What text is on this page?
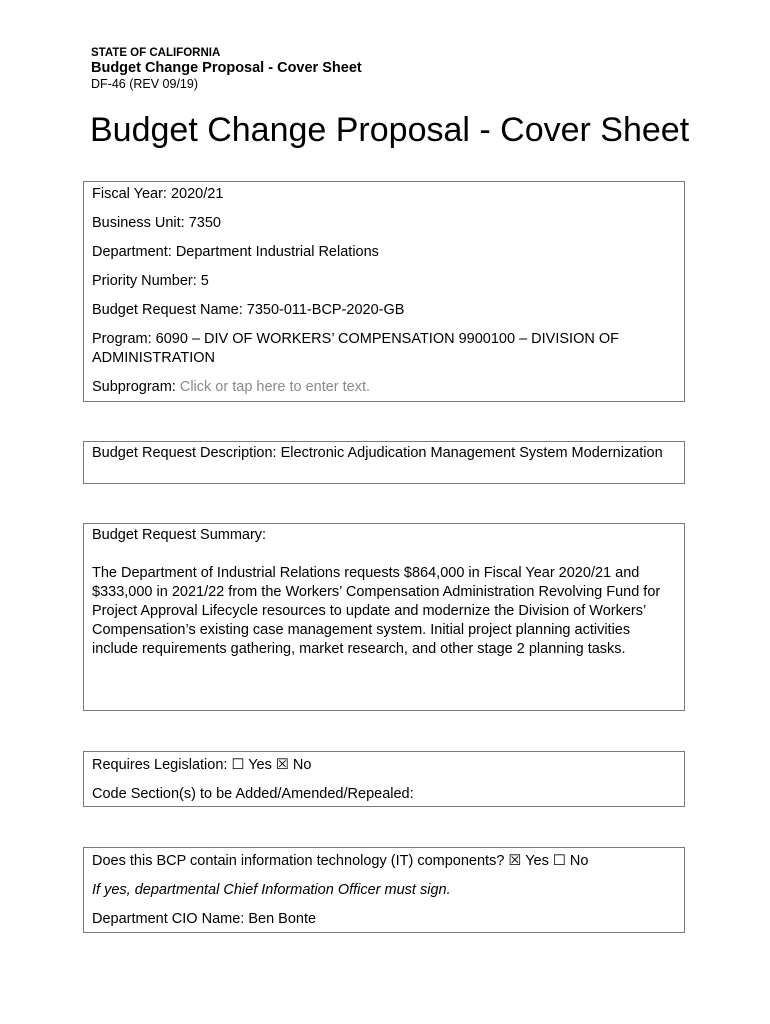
STATE OF CALIFORNIA

Budget Change Proposal - Cover Sheet

DF-46 (REV 09/19)

Budget Change Proposal - Cover Sheet

Fiscal Year: 2020/21

Business Unit: 7350

Department: Department Industrial Relations

Priority Number: 5

Budget Request Name: 7350-011-BCP-2020-GB

Program: 6090 – DIV OF WORKERS’ COMPENSATION 9900100 – DIVISION OF ADMINISTRATION

Subprogram: Click or tap here to enter text.

Budget Request Description: Electronic Adjudication Management System Modernization

Budget Request Summary:

The Department of Industrial Relations requests $864,000 in Fiscal Year 2020/21 and $333,000 in 2021/22 from the Workers’ Compensation Administration Revolving Fund for Project Approval Lifecycle resources to update and modernize the Division of Workers’ Compensation’s existing case management system. Initial project planning activities include requirements gathering, market research, and other stage 2 planning tasks.

Requires Legislation: ☐ Yes ☒ No

Code Section(s) to be Added/Amended/Repealed:

Does this BCP contain information technology (IT) components? ☒ Yes ☐ No

If yes, departmental Chief Information Officer must sign.

Department CIO Name: Ben Bonte
